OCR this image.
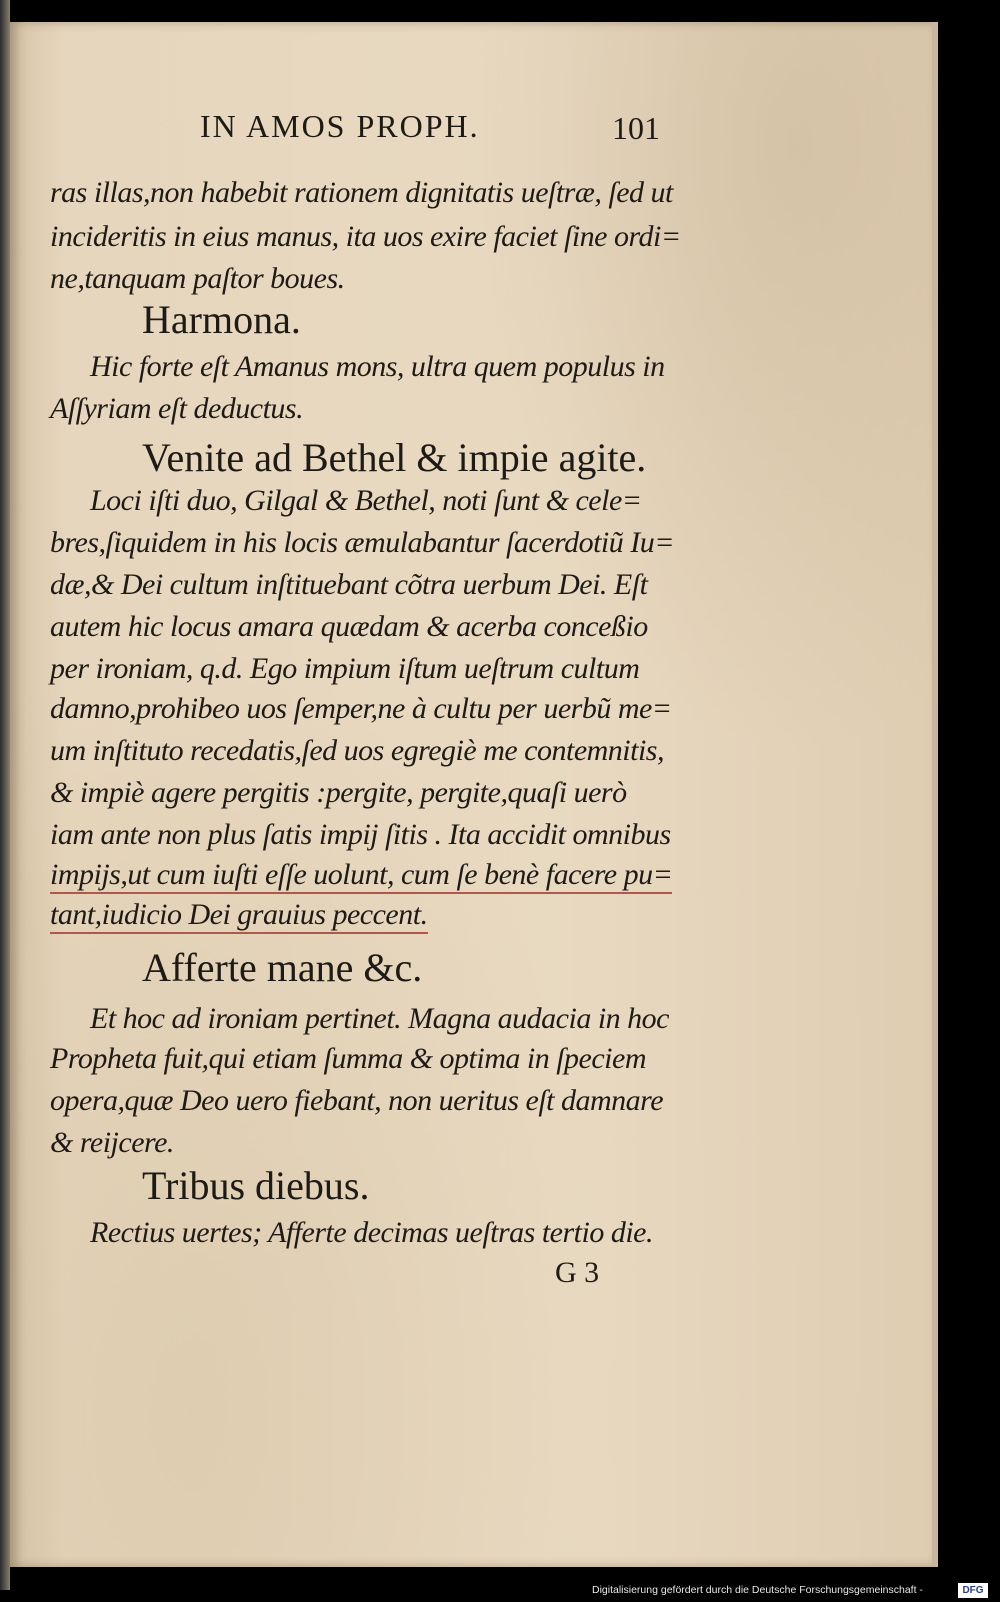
IN AMOS PROPH.	101
ras illas,non habebit rationem dignitatis ueſtræ, ſed ut
incideritis in eius manus, ita uos exire faciet ſine ordi=
ne,tanquam paſtor boues.
Harmona.
Hic forte eſt Amanus mons, ultra quem populus in
Aſſyriam eſt deductus.
Venite ad Bethel & impie agite.
Loci iſti duo, Gilgal & Bethel, noti ſunt & cele=
bres,ſiquidem in his locis æmulabantur ſacerdotiũ Iu=
dæ,& Dei cultum inſtituebant cõtra uerbum Dei. Eſt
autem hic locus amara quædam & acerba conceßio
per ironiam, q.d. Ego impium iſtum ueſtrum cultum
damno,prohibeo uos ſemper,ne à cultu per uerbũ me=
um inſtituto recedatis,ſed uos egregiè me contemnitis,
& impiè agere pergitis :pergite, pergite,quaſi uerò
iam ante non plus ſatis impij ſitis . Ita accidit omnibus
impijs,ut cum iuſti eſſe uolunt, cum ſe benè facere pu=
tant,iudicio Dei grauius peccent.
Afferte mane &c.
Et hoc ad ironiam pertinet. Magna audacia in hoc
Propheta fuit,qui etiam ſumma & optima in ſpeciem
opera,quæ Deo uero fiebant, non ueritus eſt damnare
& reijcere.
Tribus diebus.
Rectius uertes; Afferte decimas ueſtras tertio die.
G 3
Digitalisierung gefördert durch die Deutsche Forschungsgemeinschaft -	DFG
